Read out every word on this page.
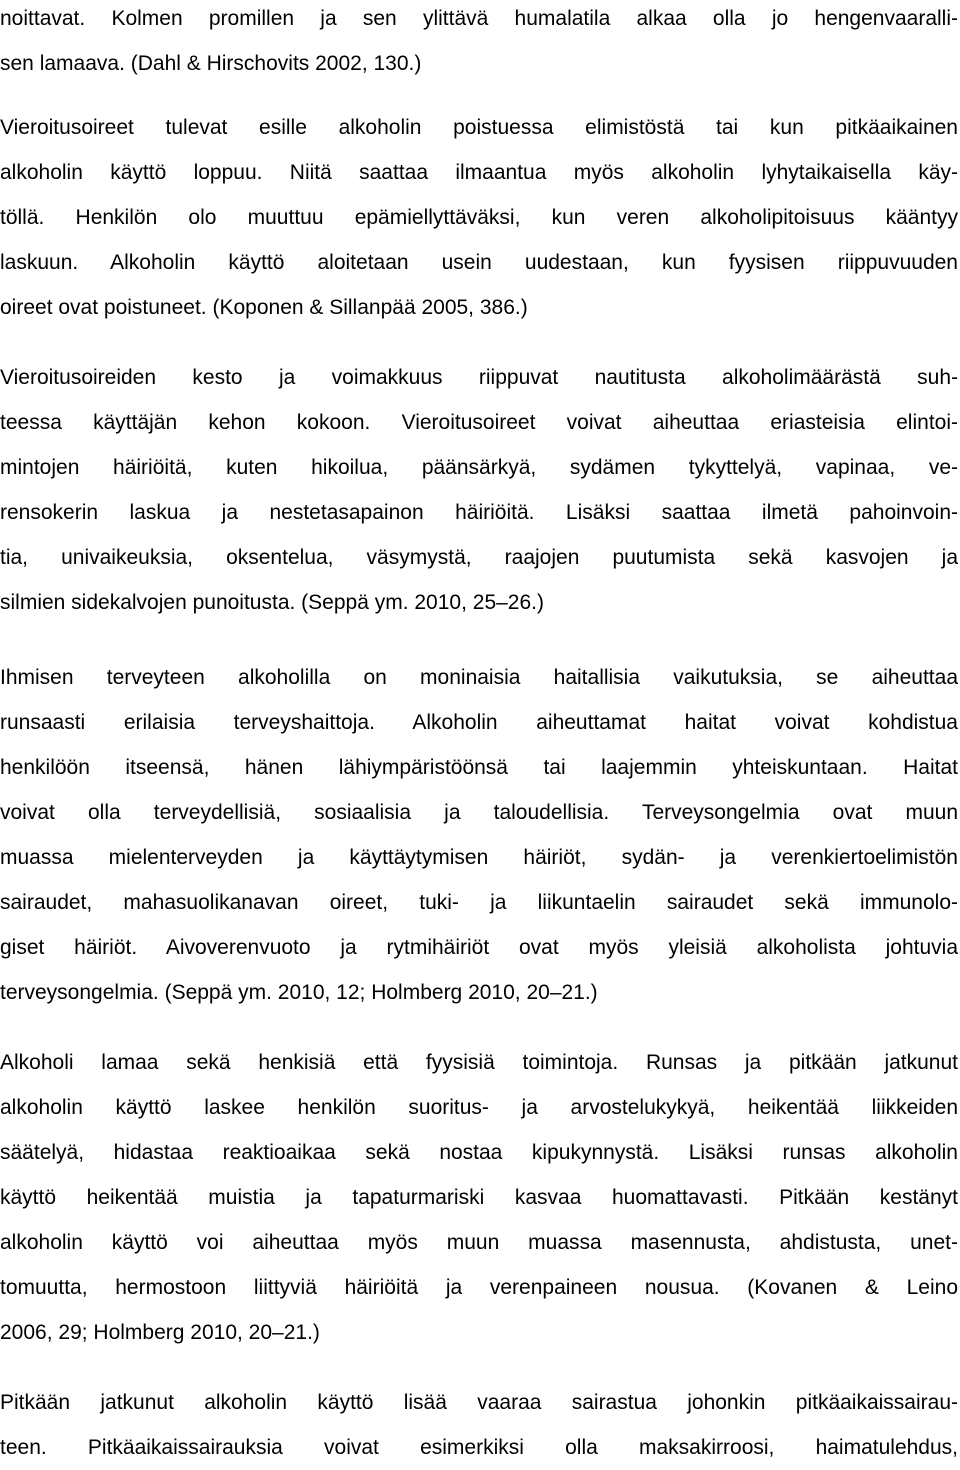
noittavat. Kolmen promillen ja sen ylittävä humalatila alkaa olla jo hengenvaaralli-
sen lamaava. (Dahl & Hirschovits 2002, 130.)
Vieroitusoireet tulevat esille alkoholin poistuessa elimistöstä tai kun pitkäaikainen
alkoholin käyttö loppuu. Niitä saattaa ilmaantua myös alkoholin lyhytaikaisella käy-
töllä. Henkilön olo muuttuu epämiellyttäväksi, kun veren alkoholipitoisuus kääntyy
laskuun. Alkoholin käyttö aloitetaan usein uudestaan, kun fyysisen riippuvuuden
oireet ovat poistuneet. (Koponen & Sillanpää 2005, 386.)
Vieroitusoireiden kesto ja voimakkuus riippuvat nautitusta alkoholimäärästä suh-
teessa käyttäjän kehon kokoon. Vieroitusoireet voivat aiheuttaa eriasteisia elintoi-
mintojen häiriöitä, kuten hikoilua, päänsärkyä, sydämen tykyttelyä, vapinaa, ve-
rensokerin laskua ja nestetasapainon häiriöitä. Lisäksi saattaa ilmetä pahoinvoin-
tia, univaikeuksia, oksentelua, väsymystä, raajojen puutumista sekä kasvojen ja
silmien sidekalvojen punoitusta. (Seppä ym. 2010, 25–26.)
Ihmisen terveyteen alkoholilla on moninaisia haitallisia vaikutuksia, se aiheuttaa
runsaasti erilaisia terveyshaittoja. Alkoholin aiheuttamat haitat voivat kohdistua
henkilöön itseensä, hänen lähiympäristöönsä tai laajemmin yhteiskuntaan. Haitat
voivat olla terveydellisiä, sosiaalisia ja taloudellisia. Terveysongelmia ovat muun
muassa mielenterveyden ja käyttäytymisen häiriöt, sydän- ja verenkiertoelimistön
sairaudet, mahasuolikanavan oireet, tuki- ja liikuntaelin sairaudet sekä immunolo-
giset häiriöt. Aivoverenvuoto ja rytmihäiriöt ovat myös yleisiä alkoholista johtuvia
terveysongelmia. (Seppä ym. 2010, 12; Holmberg 2010, 20–21.)
Alkoholi lamaa sekä henkisiä että fyysisiä toimintoja. Runsas ja pitkään jatkunut
alkoholin käyttö laskee henkilön suoritus- ja arvostelukykyä, heikentää liikkeiden
säätelyä, hidastaa reaktioaikaa sekä nostaa kipukynnystä. Lisäksi runsas alkoholin
käyttö heikentää muistia ja tapaturmariski kasvaa huomattavasti. Pitkään kestänyt
alkoholin käyttö voi aiheuttaa myös muun muassa masennusta, ahdistusta, unet-
tomuutta, hermostoon liittyviä häiriöitä ja verenpaineen nousua. (Kovanen & Leino
2006, 29; Holmberg 2010, 20–21.)
Pitkään jatkunut alkoholin käyttö lisää vaaraa sairastua johonkin pitkäaikaissairau-
teen. Pitkäaikaissairauksia voivat esimerkiksi olla maksakirroosi, haimatulehdus,
